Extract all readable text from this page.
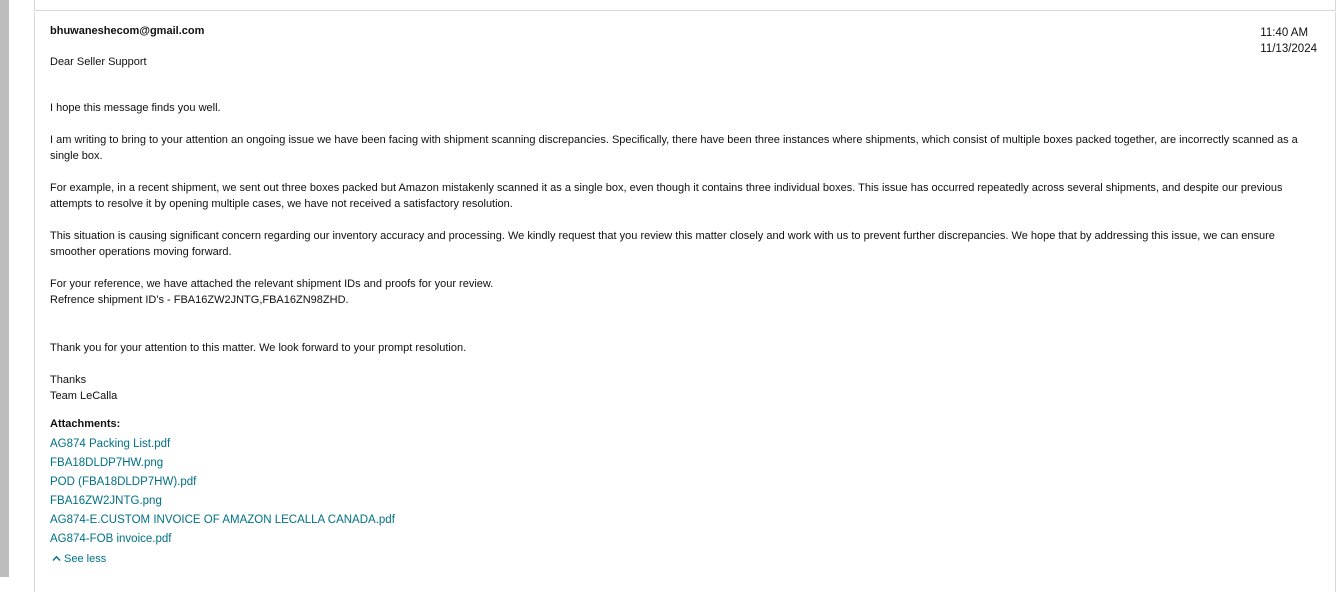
bhuwaneshecom@gmail.com	11:40 AM
11/13/2024

Dear Seller Support

I hope this message finds you well.

I am writing to bring to your attention an ongoing issue we have been facing with shipment scanning discrepancies. Specifically, there have been three instances where shipments, which consist of multiple boxes packed together, are incorrectly scanned as a single box.

For example, in a recent shipment, we sent out three boxes packed but Amazon mistakenly scanned it as a single box, even though it contains three individual boxes. This issue has occurred repeatedly across several shipments, and despite our previous attempts to resolve it by opening multiple cases, we have not received a satisfactory resolution.

This situation is causing significant concern regarding our inventory accuracy and processing. We kindly request that you review this matter closely and work with us to prevent further discrepancies. We hope that by addressing this issue, we can ensure smoother operations moving forward.

For your reference, we have attached the relevant shipment IDs and proofs for your review.

Refrence shipment ID's - FBA16ZW2JNTG,FBA16ZN98ZHD.

Thank you for your attention to this matter. We look forward to your prompt resolution.

Thanks

Team LeCalla

Attachments:
AG874 Packing List.pdf
FBA18DLDP7HW.png
POD (FBA18DLDP7HW).pdf
FBA16ZW2JNTG.png
AG874-E.CUSTOM INVOICE OF AMAZON LECALLA CANADA.pdf
AG874-FOB invoice.pdf
See less
